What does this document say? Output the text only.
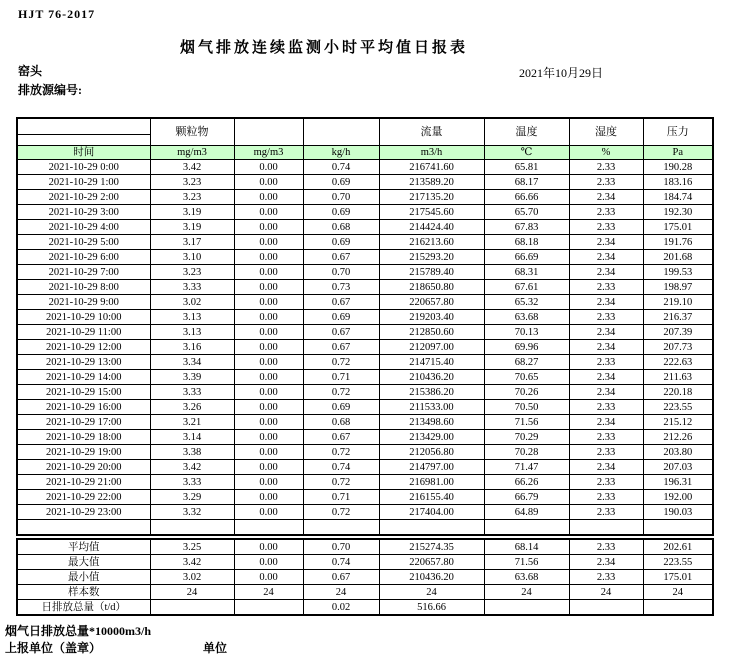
HJT 76-2017
烟气排放连续监测小时平均值日报表
窑头	2021年10月29日
排放源编号:
	颗粒物			流量	温度	湿度	压力
时间	mg/m3	mg/m3	kg/h	m3/h	℃	%	Pa
2021-10-29 0:00	3.42	0.00	0.74	216741.60	65.81	2.33	190.28
2021-10-29 1:00	3.23	0.00	0.69	213589.20	68.17	2.33	183.16
2021-10-29 2:00	3.23	0.00	0.70	217135.20	66.66	2.34	184.74
2021-10-29 3:00	3.19	0.00	0.69	217545.60	65.70	2.33	192.30
2021-10-29 4:00	3.19	0.00	0.68	214424.40	67.83	2.33	175.01
2021-10-29 5:00	3.17	0.00	0.69	216213.60	68.18	2.34	191.76
2021-10-29 6:00	3.10	0.00	0.67	215293.20	66.69	2.34	201.68
2021-10-29 7:00	3.23	0.00	0.70	215789.40	68.31	2.34	199.53
2021-10-29 8:00	3.33	0.00	0.73	218650.80	67.61	2.33	198.97
2021-10-29 9:00	3.02	0.00	0.67	220657.80	65.32	2.34	219.10
2021-10-29 10:00	3.13	0.00	0.69	219203.40	63.68	2.33	216.37
2021-10-29 11:00	3.13	0.00	0.67	212850.60	70.13	2.34	207.39
2021-10-29 12:00	3.16	0.00	0.67	212097.00	69.96	2.34	207.73
2021-10-29 13:00	3.34	0.00	0.72	214715.40	68.27	2.33	222.63
2021-10-29 14:00	3.39	0.00	0.71	210436.20	70.65	2.34	211.63
2021-10-29 15:00	3.33	0.00	0.72	215386.20	70.26	2.34	220.18
2021-10-29 16:00	3.26	0.00	0.69	211533.00	70.50	2.33	223.55
2021-10-29 17:00	3.21	0.00	0.68	213498.60	71.56	2.34	215.12
2021-10-29 18:00	3.14	0.00	0.67	213429.00	70.29	2.33	212.26
2021-10-29 19:00	3.38	0.00	0.72	212056.80	70.28	2.33	203.80
2021-10-29 20:00	3.42	0.00	0.74	214797.00	71.47	2.34	207.03
2021-10-29 21:00	3.33	0.00	0.72	216981.00	66.26	2.33	196.31
2021-10-29 22:00	3.29	0.00	0.71	216155.40	66.79	2.33	192.00
2021-10-29 23:00	3.32	0.00	0.72	217404.00	64.89	2.33	190.03

平均值	3.25	0.00	0.70	215274.35	68.14	2.33	202.61
最大值	3.42	0.00	0.74	220657.80	71.56	2.34	223.55
最小值	3.02	0.00	0.67	210436.20	63.68	2.33	175.01
样本数	24	24	24	24	24	24	24
日排放总量（t/d）			0.02	516.66			
烟气日排放总量*10000m3/h
上报单位（盖章）	单位
